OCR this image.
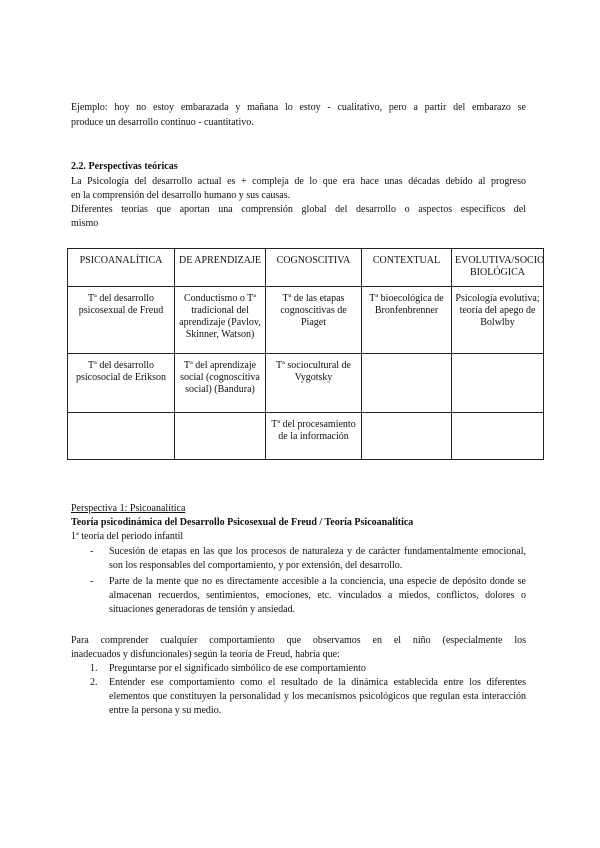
Ejemplo: hoy no estoy embarazada y mañana lo estoy - cualitativo, pero a partir del embarazo se
produce un desarrollo continuo - cuantitativo.
2.2. Perspectivas teóricas
La Psicología del desarrollo actual es + compleja de lo que era hace unas décadas debido al progreso
en la comprensión del desarrollo humano y sus causas.
Diferentes teorías que aportan una comprensión global del desarrollo o aspectos específicos del
mismo
PSICOANALÍTICA	DE APRENDIZAJE	COGNOSCITIVA	CONTEXTUAL	EVOLUTIVA/SOCIO BIOLÓGICA
Tª del desarrollo psicosexual de Freud	Conductismo o Tª tradicional del aprendizaje (Pavlov, Skinner, Watson)	Tª de las etapas cognoscitivas de Piaget	Tª bioecológica de Bronfenbrenner	Psicología evolutiva; teoría del apego de Bolwlby
Tª del desarrollo psicosocial de Erikson	Tª del aprendizaje social (cognoscitiva social) (Bandura)	Tª sociocultural de Vygotsky		
		Tª del procesamiento de la información		
Perspectiva 1: Psicoanalítica
Teoría psicodinámica del Desarrollo Psicosexual de Freud / Teoría Psicoanalítica
1ª teoría del periodo infantil
-	Sucesión de etapas en las que los procesos de naturaleza y de carácter fundamentalmente emocional, son los responsables del comportamiento, y por extensión, del desarrollo.
-	Parte de la mente que no es directamente accesible a la conciencia, una especie de depósito donde se almacenan recuerdos, sentimientos, emociones, etc. vinculados a miedos, conflictos, dolores o situaciones generadoras de tensión y ansiedad.
Para comprender cualquier comportamiento que observamos en el niño (especialmente los
inadecuados y disfuncionales) según la teoría de Freud, habría que:
1.	Preguntarse por el significado simbólico de ese comportamiento
2.	Entender ese comportamiento como el resultado de la dinámica establecida entre los diferentes elementos que constituyen la personalidad y los mecanismos psicológicos que regulan esta interacción entre la persona y su medio.
